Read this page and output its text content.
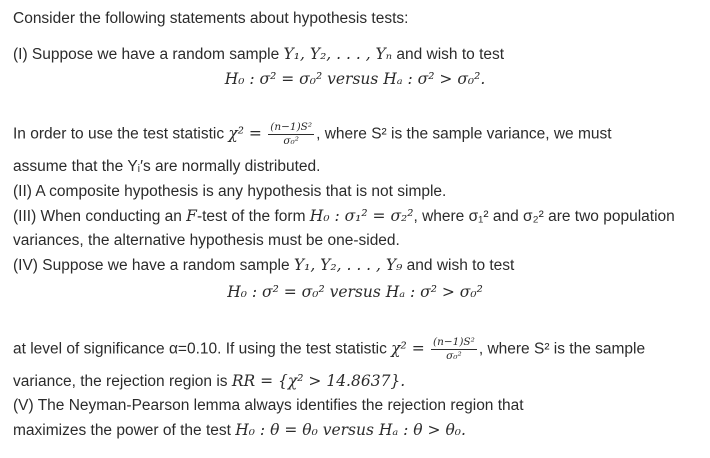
Consider the following statements about hypothesis tests:
(I) Suppose we have a random sample Y₁, Y₂, . . . , Yₙ and wish to test
H₀ : σ² = σ₀² versus Hₐ : σ² > σ₀².
In order to use the test statistic $\chi^2 = \frac{\text{(n−1)S²}}{\text{σ₀²}}$ , where S² is the sample variance, we must
assume that the Yᵢ′s are normally distributed.
(II) A composite hypothesis is any hypothesis that is not simple.
(III) When conducting an F-test of the form H₀ : σ₁² = σ₂², where σ₁² and σ₂² are two population
variances, the alternative hypothesis must be one-sided.
(IV) Suppose we have a random sample Y₁, Y₂, . . . , Y₉ and wish to test
H₀ : σ² = σ₀² versus Hₐ : σ² > σ₀²
at level of significance α=0.10. If using the test statistic $\chi^2 = \frac{\text{(n−1)S²}}{\text{σ₀²}}$ , where S² is the sample
variance, the rejection region is RR = {χ² > 14.8637}.
(V) The Neyman-Pearson lemma always identifies the rejection region that
maximizes the power of the test H₀ : θ = θ₀ versus Hₐ : θ > θ₀.
